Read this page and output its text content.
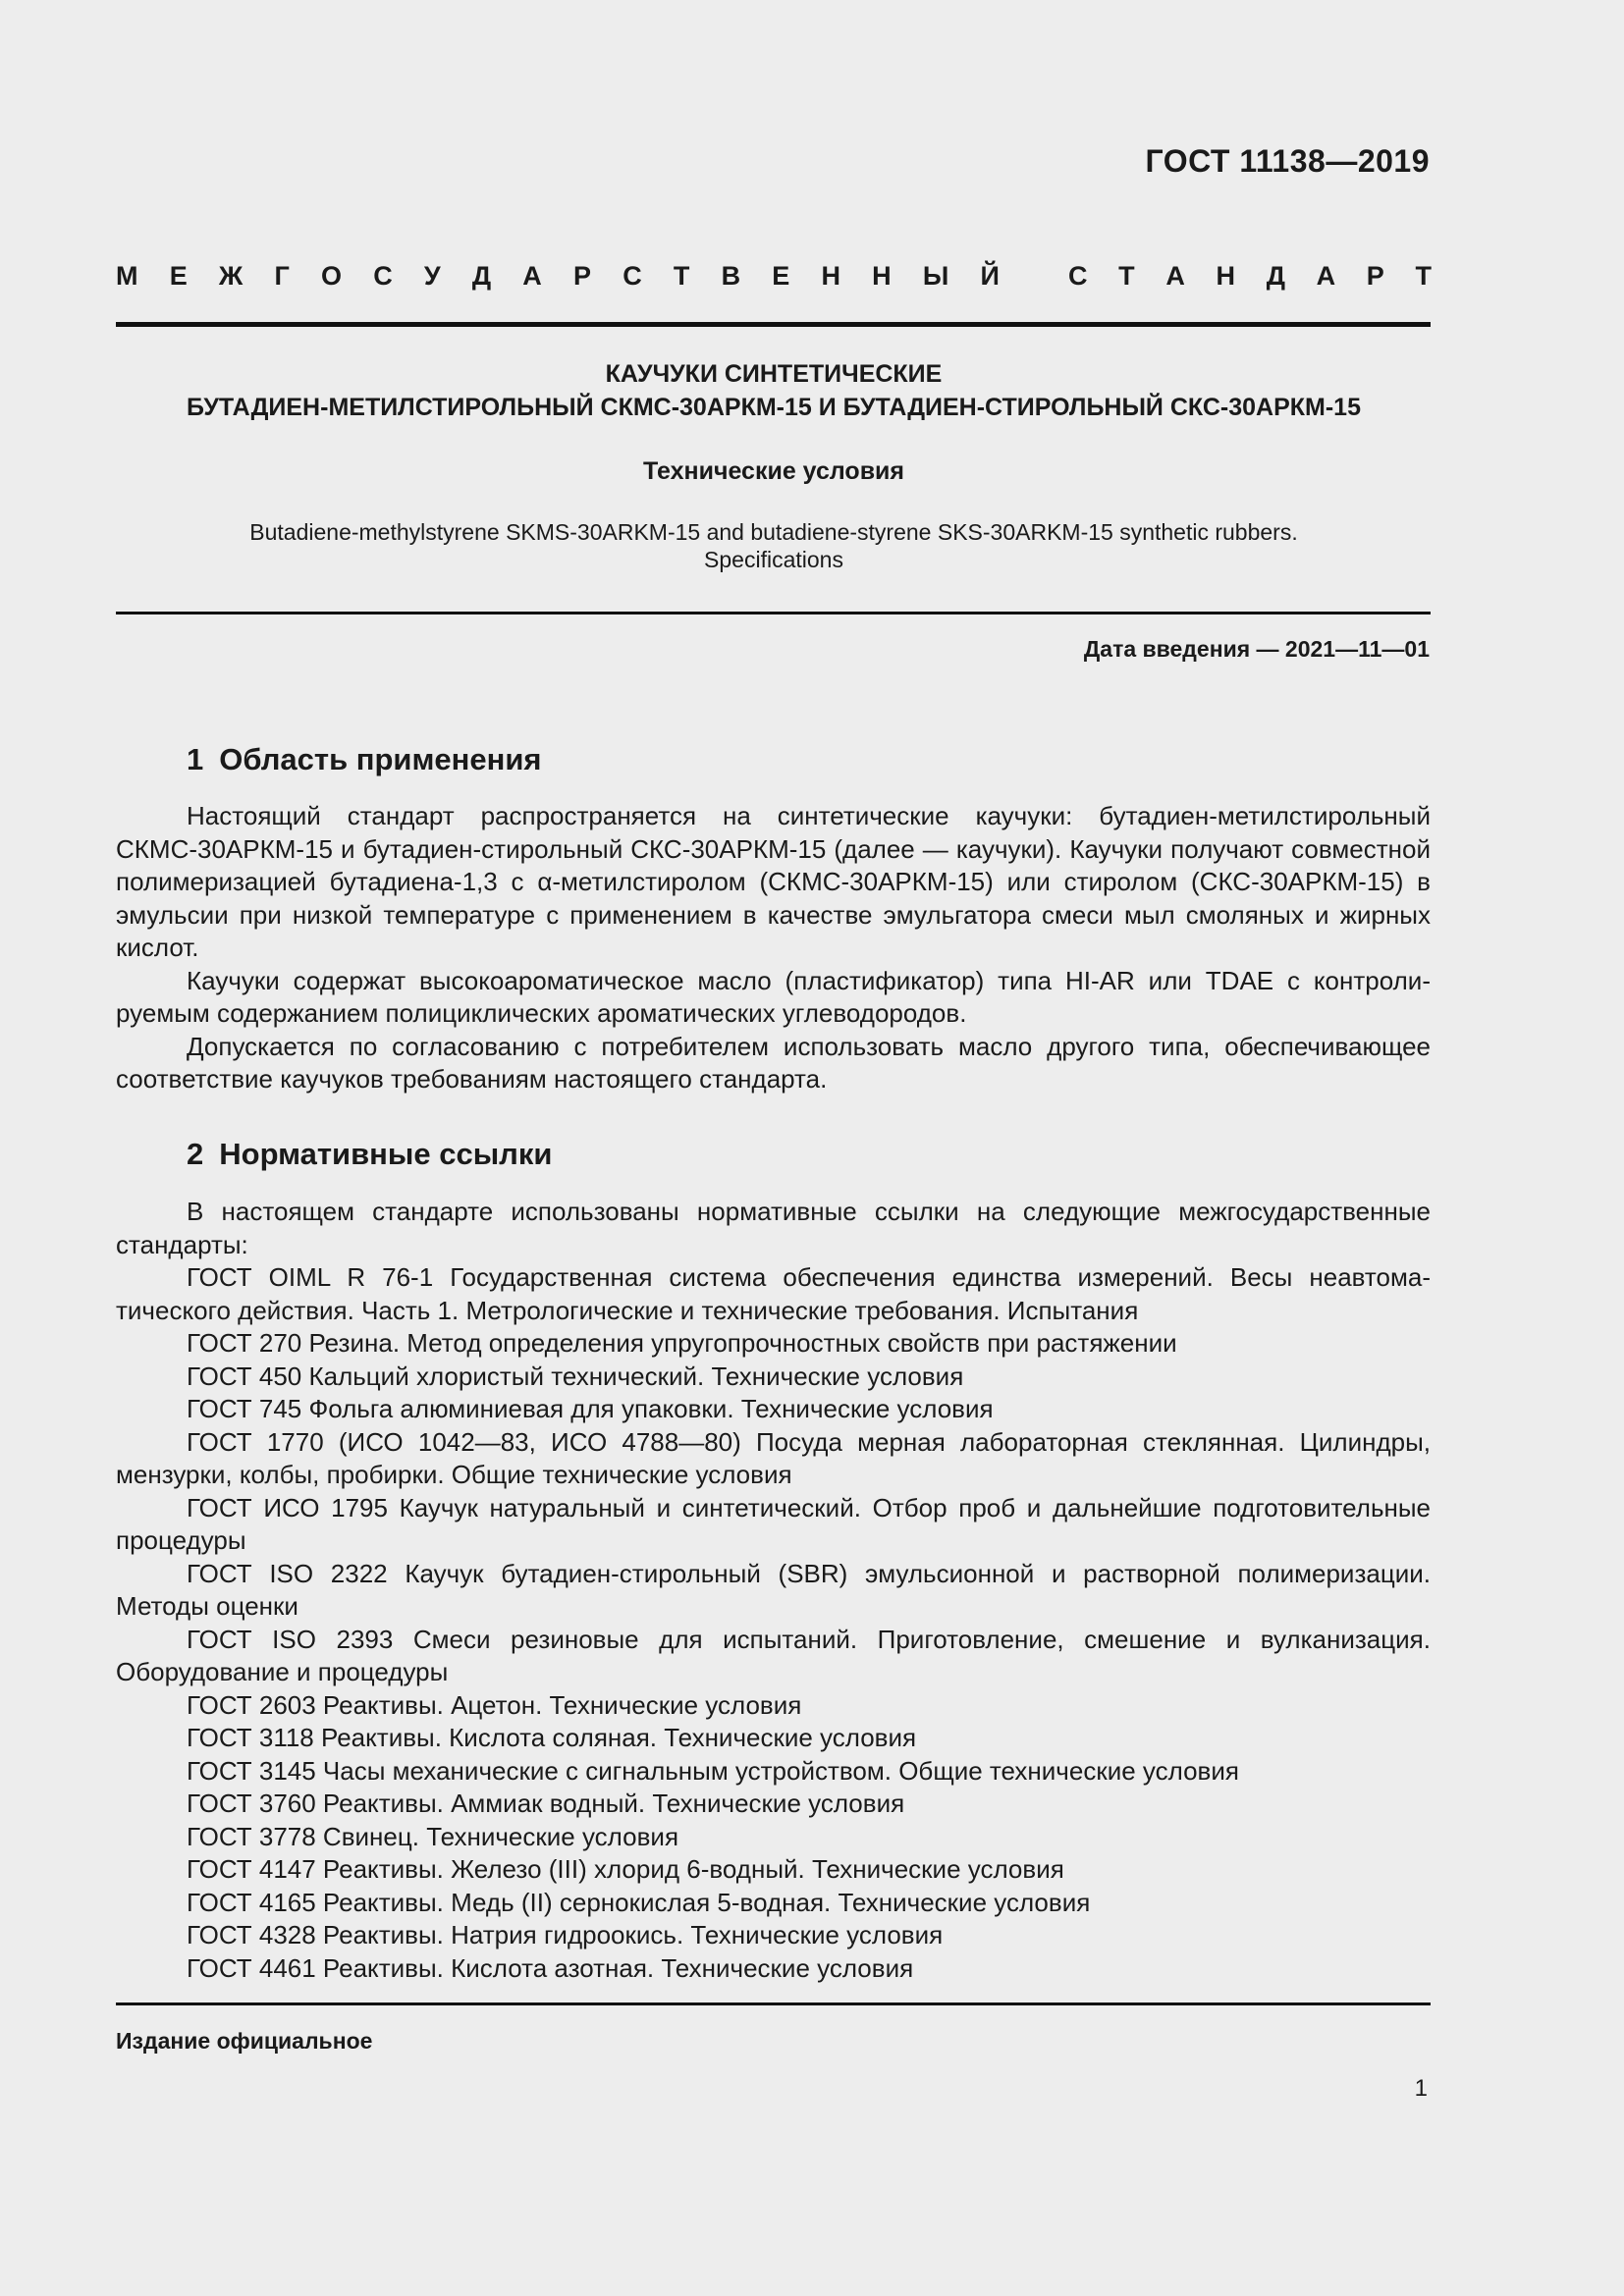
ГОСТ 11138—2019
М Е Ж Г О С У Д А Р С Т В Е Н Н Ы Й	С Т А Н Д А Р Т
КАУЧУКИ СИНТЕТИЧЕСКИЕ
БУТАДИЕН-МЕТИЛСТИРОЛЬНЫЙ СКМС-30АРКМ-15 И БУТАДИЕН-СТИРОЛЬНЫЙ СКС-30АРКМ-15
Технические условия
Butadiene-methylstyrene SKMS-30ARKM-15 and butadiene-styrene SKS-30ARKM-15 synthetic rubbers.
Specifications
Дата введения — 2021—11—01
1 Область применения

Настоящий стандарт распространяется на синтетические каучуки: бутадиен-метилстирольный СКМС-30АРКМ-15 и бутадиен-стирольный СКС-30АРКМ-15 (далее — каучуки). Каучуки получают совместной полимеризацией бутадиена-1,3 с α-метилстиролом (СКМС-30АРКМ-15) или стиролом (СКС-30АРКМ-15) в эмульсии при низкой температуре с применением в качестве эмульгатора смеси мыл смоляных и жирных кислот.

Каучуки содержат высокоароматическое масло (пластификатор) типа HI-AR или TDAE с контролируемым содержанием полициклических ароматических углеводородов.

Допускается по согласованию с потребителем использовать масло другого типа, обеспечивающее соответствие каучуков требованиям настоящего стандарта.

2 Нормативные ссылки

В настоящем стандарте использованы нормативные ссылки на следующие межгосударственные стандарты:

ГОСТ OIML R 76-1 Государственная система обеспечения единства измерений. Весы неавтоматического действия. Часть 1. Метрологические и технические требования. Испытания
ГОСТ 270 Резина. Метод определения упругопрочностных свойств при растяжении
ГОСТ 450 Кальций хлористый технический. Технические условия
ГОСТ 745 Фольга алюминиевая для упаковки. Технические условия
ГОСТ 1770 (ИСО 1042—83, ИСО 4788—80) Посуда мерная лабораторная стеклянная. Цилиндры, мензурки, колбы, пробирки. Общие технические условия
ГОСТ ИСО 1795 Каучук натуральный и синтетический. Отбор проб и дальнейшие подготовительные процедуры
ГОСТ ISO 2322 Каучук бутадиен-стирольный (SBR) эмульсионной и растворной полимеризации. Методы оценки
ГОСТ ISO 2393 Смеси резиновые для испытаний. Приготовление, смешение и вулканизация. Оборудование и процедуры
ГОСТ 2603 Реактивы. Ацетон. Технические условия
ГОСТ 3118 Реактивы. Кислота соляная. Технические условия
ГОСТ 3145 Часы механические с сигнальным устройством. Общие технические условия
ГОСТ 3760 Реактивы. Аммиак водный. Технические условия
ГОСТ 3778 Свинец. Технические условия
ГОСТ 4147 Реактивы. Железо (III) хлорид 6-водный. Технические условия
ГОСТ 4165 Реактивы. Медь (II) сернокислая 5-водная. Технические условия
ГОСТ 4328 Реактивы. Натрия гидроокись. Технические условия
ГОСТ 4461 Реактивы. Кислота азотная. Технические условия
Издание официальное
1
